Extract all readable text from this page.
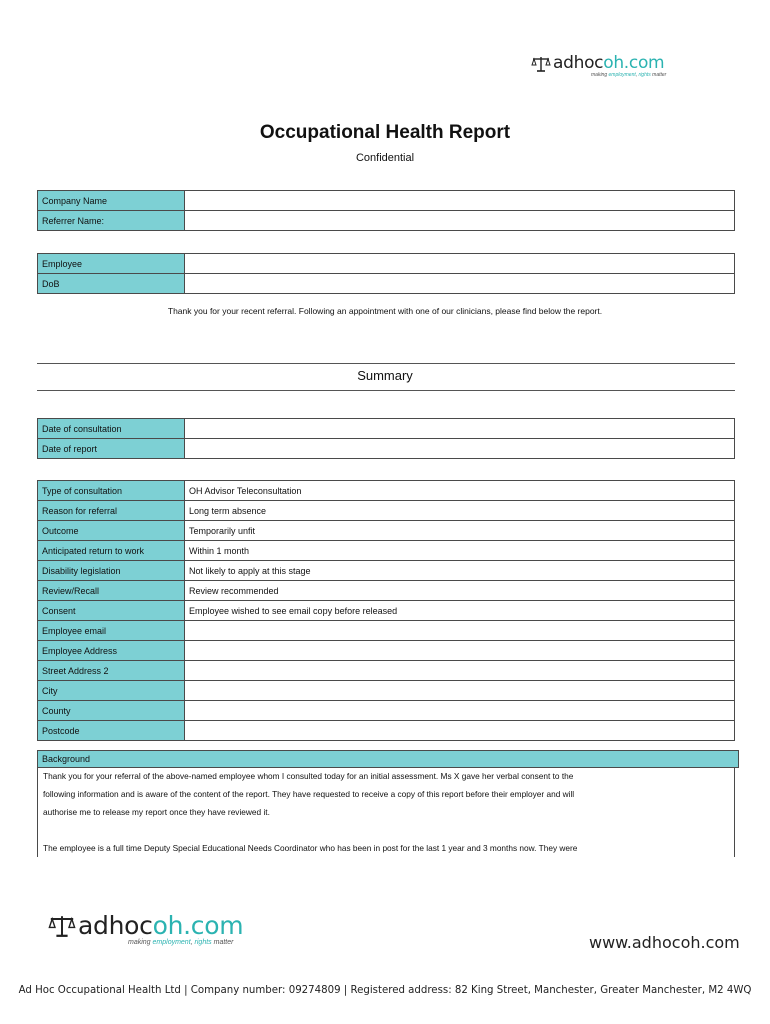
adhocoh.com
making employment, rights matter
Occupational Health Report
Confidential
Company Name	
Referrer Name:	
Employee	
DoB	
Thank you for your recent referral. Following an appointment with one of our clinicians, please find below the report.
Summary
Date of consultation	
Date of report	
Type of consultation	OH Advisor Teleconsultation
Reason for referral	Long term absence
Outcome	Temporarily unfit
Anticipated return to work	Within 1 month
Disability legislation	Not likely to apply at this stage
Review/Recall	Review recommended
Consent	Employee wished to see email copy before released
Employee email	
Employee Address	
Street Address 2	
City	
County	
Postcode	
Background

Thank you for your referral of the above-named employee whom I consulted today for an initial assessment. Ms X gave her verbal consent to the

following information and is aware of the content of the report. They have requested to receive a copy of this report before their employer and will

authorise me to release my report once they have reviewed it.

The employee is a full time Deputy Special Educational Needs Coordinator who has been in post for the last 1 year and 3 months now. They were

adhocoh.com
making employment, rights matter	www.adhocoh.com
Ad Hoc Occupational Health Ltd | Company number: 09274809 | Registered address: 82 King Street, Manchester, Greater Manchester, M2 4WQ
